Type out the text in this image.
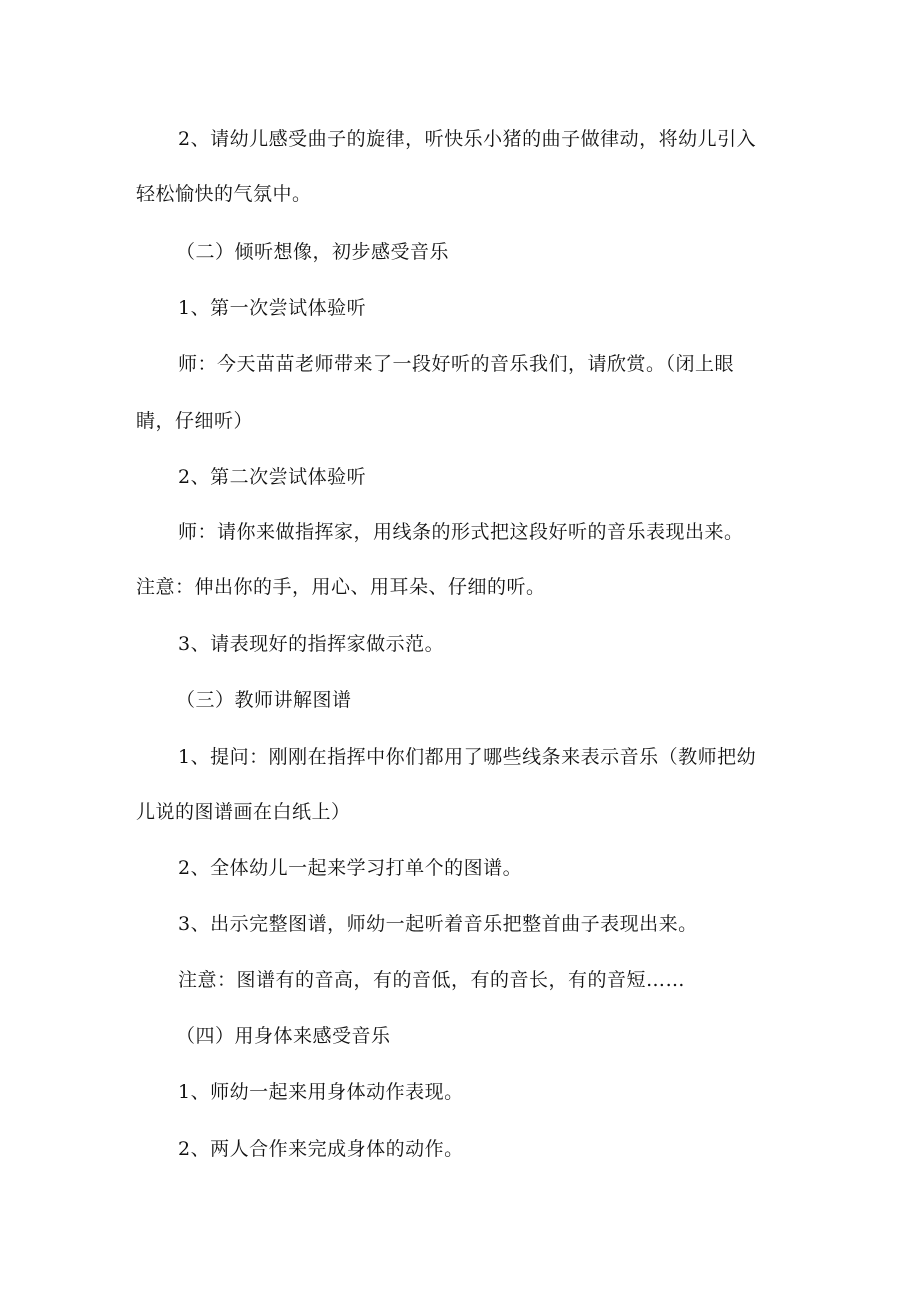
2、请幼儿感受曲子的旋律，听快乐小猪的曲子做律动，将幼儿引入
轻松愉快的气氛中。
（二）倾听想像，初步感受音乐
1、第一次尝试体验听
师：今天苗苗老师带来了一段好听的音乐我们，请欣赏。（闭上眼
睛，仔细听）
2、第二次尝试体验听
师：请你来做指挥家，用线条的形式把这段好听的音乐表现出来。
注意：伸出你的手，用心、用耳朵、仔细的听。
3、请表现好的指挥家做示范。
（三）教师讲解图谱
1、提问：刚刚在指挥中你们都用了哪些线条来表示音乐（教师把幼
儿说的图谱画在白纸上）
2、全体幼儿一起来学习打单个的图谱。
3、出示完整图谱，师幼一起听着音乐把整首曲子表现出来。
注意：图谱有的音高，有的音低，有的音长，有的音短……
（四）用身体来感受音乐
1、师幼一起来用身体动作表现。
2、两人合作来完成身体的动作。
